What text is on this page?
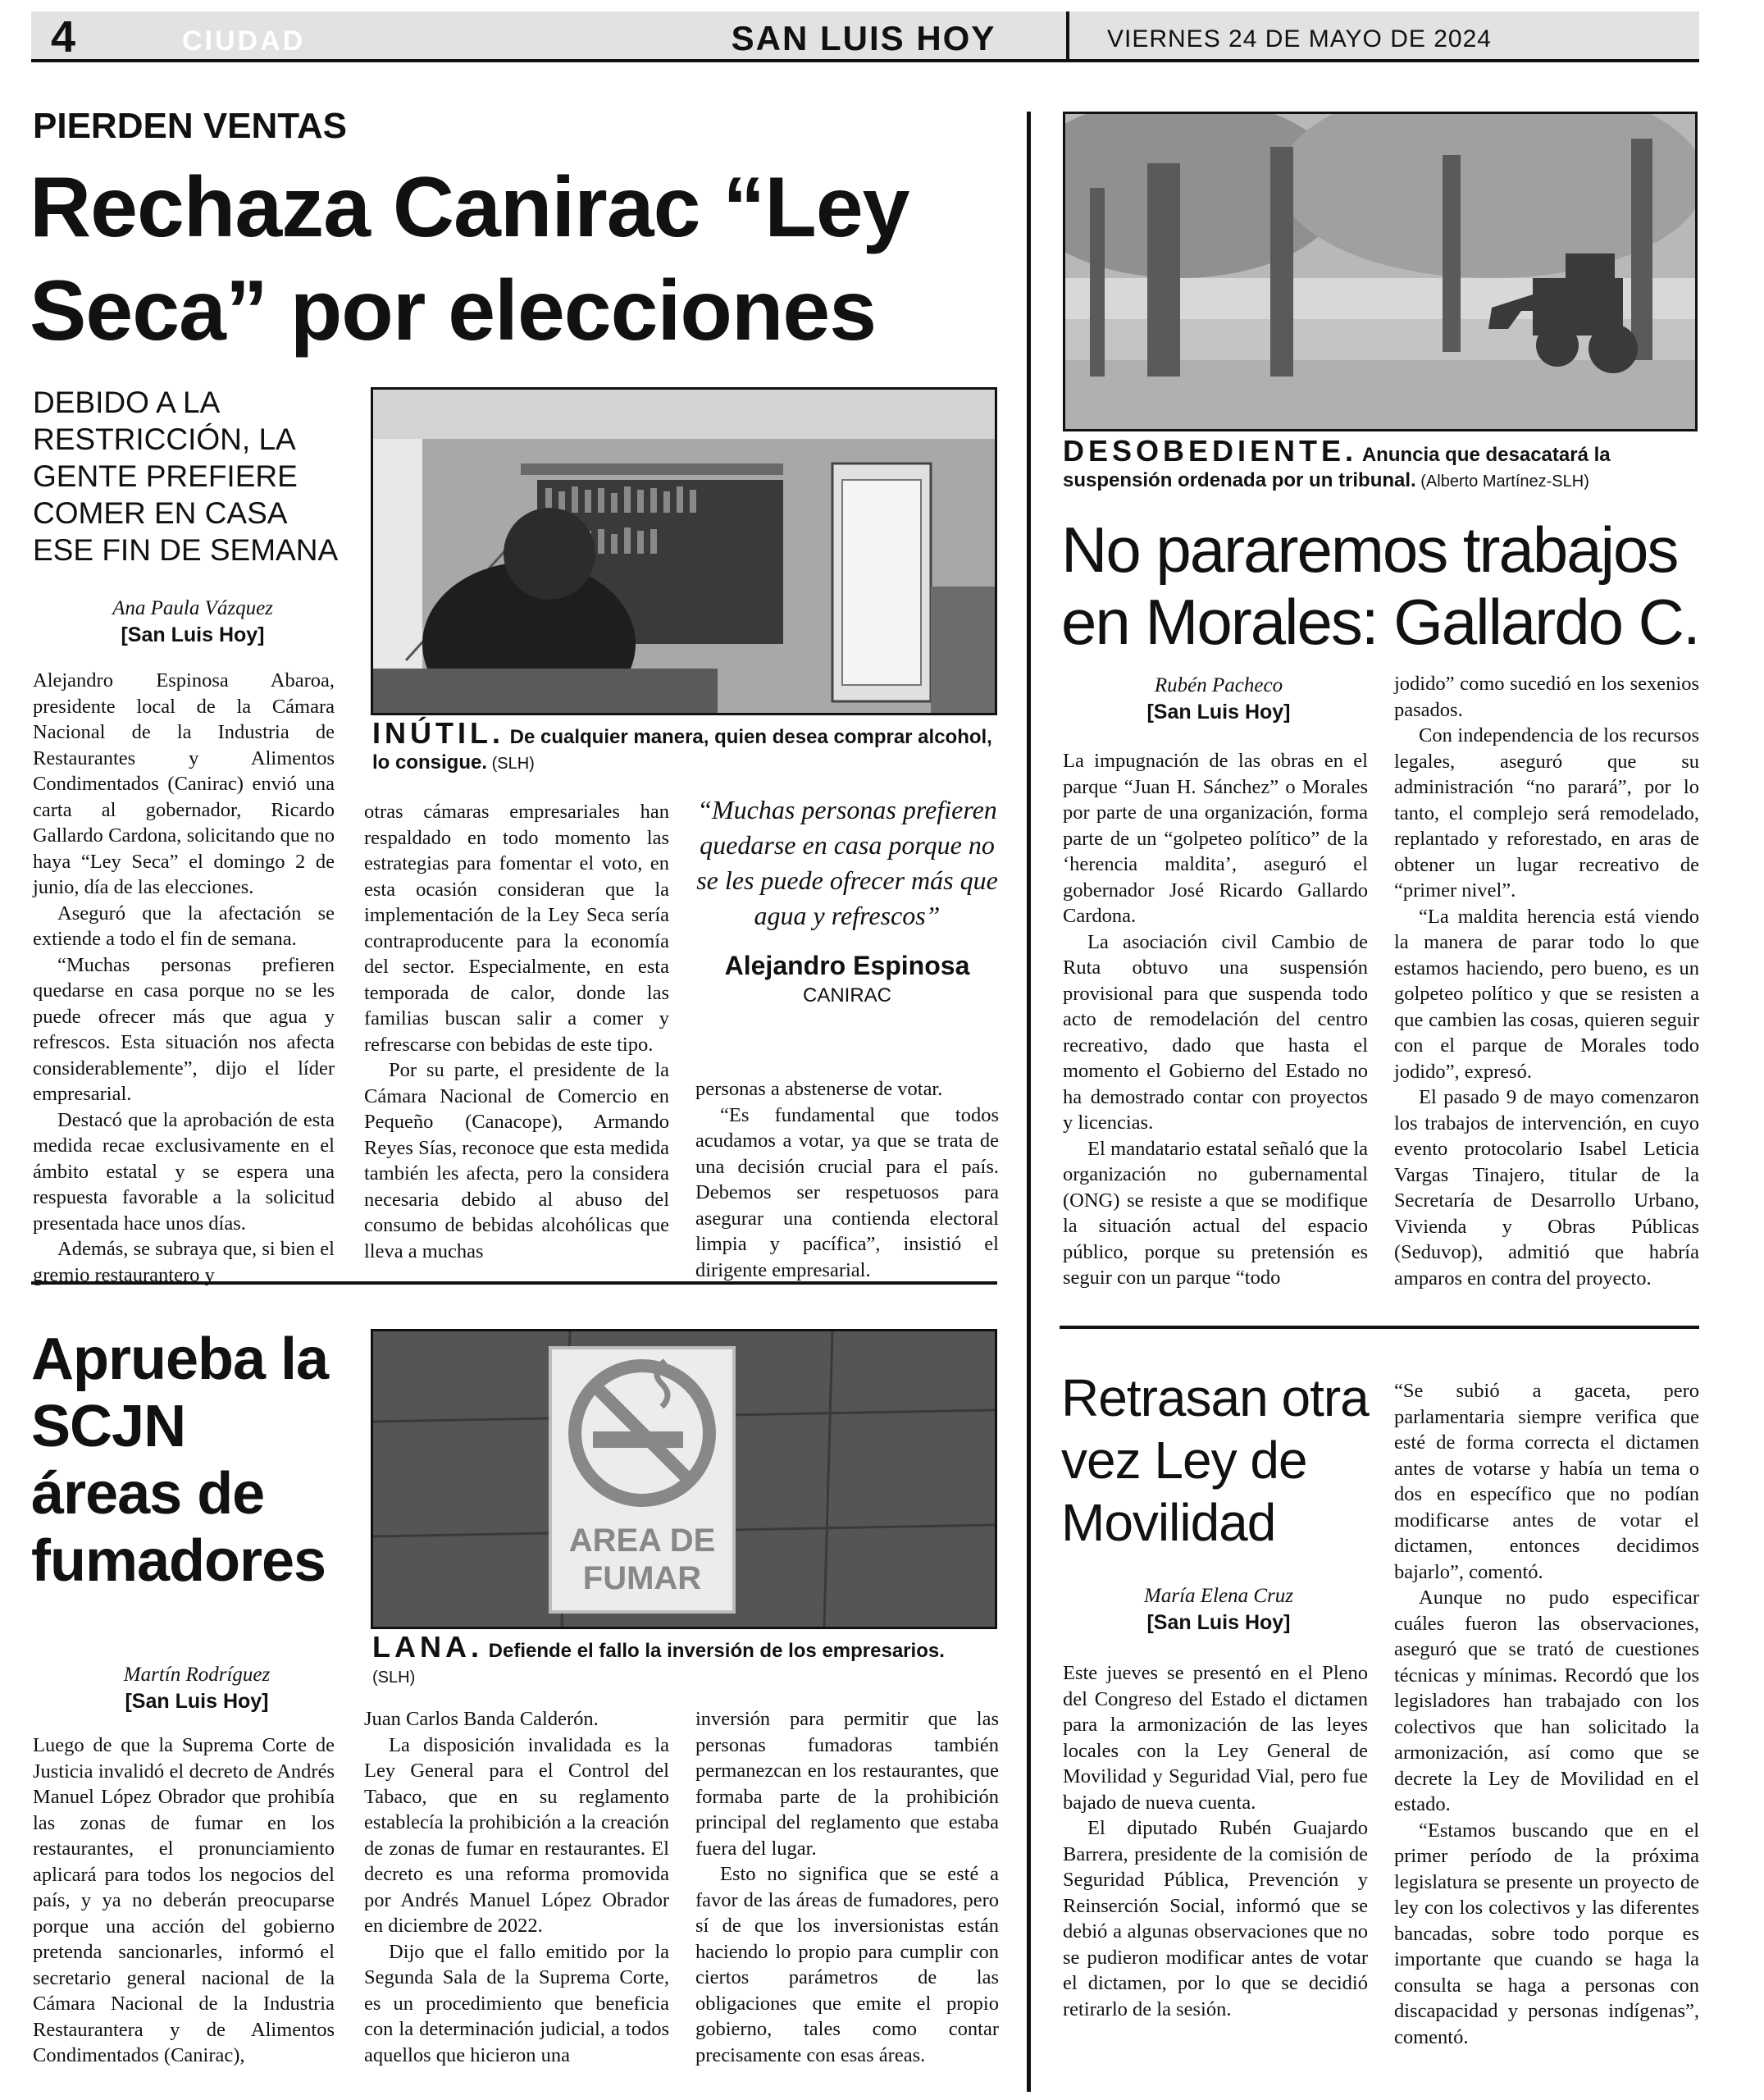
4	CIUDAD	SAN LUIS HOY	VIERNES 24 DE MAYO DE 2024
PIERDEN VENTAS
Rechaza Canirac “Ley
Seca” por elecciones
DEBIDO A LA RESTRICCIÓN, LA GENTE PREFIERE COMER EN CASA ESE FIN DE SEMANA
Ana Paula Vázquez
[San Luis Hoy]
INÚTIL. De cualquier manera, quien desea comprar alcohol, lo consigue. (SLH)

Alejandro Espinosa Abaroa, presidente local de la Cámara Nacional de la Industria de Restaurantes y Alimentos Condimentados (Canirac) envió una carta al gobernador, Ricardo Gallardo Cardona, solicitando que no haya “Ley Seca” el domingo 2 de junio, día de las elecciones.

Aseguró que la afectación se extiende a todo el fin de semana.

“Muchas personas prefieren quedarse en casa porque no se les puede ofrecer más que agua y refrescos. Esta situación nos afecta considerablemente”, dijo el líder empresarial.

Destacó que la aprobación de esta medida recae exclusivamente en el ámbito estatal y se espera una respuesta favorable a la solicitud presentada hace unos días.

Además, se subraya que, si bien el gremio restaurantero y

otras cámaras empresariales han respaldado en todo momento las estrategias para fomentar el voto, en esta ocasión consideran que la implementación de la Ley Seca sería contraproducente para la economía del sector. Especialmente, en esta temporada de calor, donde las familias buscan salir a comer y refrescarse con bebidas de este tipo.

Por su parte, el presidente de la Cámara Nacional de Comercio en Pequeño (Canacope), Armando Reyes Sías, reconoce que esta medida también les afecta, pero la considera necesaria debido al abuso del consumo de bebidas alcohólicas que lleva a muchas

“Muchas personas prefieren quedarse en casa porque no se les puede ofrecer más que agua y refrescos”
Alejandro Espinosa
CANIRAC

personas a abstenerse de votar.

“Es fundamental que todos acudamos a votar, ya que se trata de una decisión crucial para el país. Debemos ser respetuosos para asegurar una contienda electoral limpia y pacífica”, insistió el dirigente empresarial.

Aprueba la
SCJN
áreas de
fumadores
Martín Rodríguez
[San Luis Hoy]
AREA DE
FUMAR
LANA. Defiende el fallo la inversión de los empresarios.
(SLH)

Luego de que la Suprema Corte de Justicia invalidó el decreto de Andrés Manuel López Obrador que prohibía las zonas de fumar en los restaurantes, el pronunciamiento aplicará para todos los negocios del país, y ya no deberán preocuparse porque una acción del gobierno pretenda sancionarles, informó el secretario general nacional de la Cámara Nacional de la Industria Restaurantera y de Alimentos Condimentados (Canirac),

Juan Carlos Banda Calderón.

La disposición invalidada es la Ley General para el Control del Tabaco, que en su reglamento establecía la prohibición a la creación de zonas de fumar en restaurantes. El decreto es una reforma promovida por Andrés Manuel López Obrador en diciembre de 2022.

Dijo que el fallo emitido por la Segunda Sala de la Suprema Corte, es un procedimiento que beneficia con la determinación judicial, a todos aquellos que hicieron una

inversión para permitir que las personas fumadoras también permanezcan en los restaurantes, que formaba parte de la prohibición principal del reglamento que estaba fuera del lugar.

Esto no significa que se esté a favor de las áreas de fumadores, pero sí de que los inversionistas están haciendo lo propio para cumplir con ciertos parámetros de las obligaciones que emite el propio gobierno, tales como contar precisamente con esas áreas.

DESOBEDIENTE. Anuncia que desacatará la suspensión ordenada por un tribunal. (Alberto Martínez-SLH)
No pararemos trabajos
en Morales: Gallardo C.
Rubén Pacheco
[San Luis Hoy]

La impugnación de las obras en el parque “Juan H. Sánchez” o Morales por parte de una organización, forma parte de un “golpeteo político” de la ‘herencia maldita’, aseguró el gobernador José Ricardo Gallardo Cardona.

La asociación civil Cambio de Ruta obtuvo una suspensión provisional para que suspenda todo acto de remodelación del centro recreativo, dado que hasta el momento el Gobierno del Estado no ha demostrado contar con proyectos y licencias.

El mandatario estatal señaló que la organización no gubernamental (ONG) se resiste a que se modifique la situación actual del espacio público, porque su pretensión es seguir con un parque “todo

jodido” como sucedió en los sexenios pasados.

Con independencia de los recursos legales, aseguró que su administración “no parará”, por lo tanto, el complejo será remodelado, replantado y reforestado, en aras de obtener un lugar recreativo de “primer nivel”.

“La maldita herencia está viendo la manera de parar todo lo que estamos haciendo, pero bueno, es un golpeteo político y que se resisten a que cambien las cosas, quieren seguir con el parque de Morales todo jodido”, expresó.

El pasado 9 de mayo comenzaron los trabajos de intervención, en cuyo evento protocolario Isabel Leticia Vargas Tinajero, titular de la Secretaría de Desarrollo Urbano, Vivienda y Obras Públicas (Seduvop), admitió que habría amparos en contra del proyecto.

Retrasan otra
vez Ley de
Movilidad
María Elena Cruz
[San Luis Hoy]

Este jueves se presentó en el Pleno del Congreso del Estado el dictamen para la armonización de las leyes locales con la Ley General de Movilidad y Seguridad Vial, pero fue bajado de nueva cuenta.

El diputado Rubén Guajardo Barrera, presidente de la comisión de Seguridad Pública, Prevención y Reinserción Social, informó que se debió a algunas observaciones que no se pudieron modificar antes de votar el dictamen, por lo que se decidió retirarlo de la sesión.

“Se subió a gaceta, pero parlamentaria siempre verifica que esté de forma correcta el dictamen antes de votarse y había un tema o dos en específico que no podían modificarse antes de votar el dictamen, entonces decidimos bajarlo”, comentó.

Aunque no pudo especificar cuáles fueron las observaciones, aseguró que se trató de cuestiones técnicas y mínimas. Recordó que los legisladores han trabajado con los colectivos que han solicitado la armonización, así como que se decrete la Ley de Movilidad en el estado.

“Estamos buscando que en el primer período de la próxima legislatura se presente un proyecto de ley con los colectivos y las diferentes bancadas, sobre todo porque es importante que cuando se haga la consulta se haga a personas con discapacidad y personas indígenas”, comentó.
